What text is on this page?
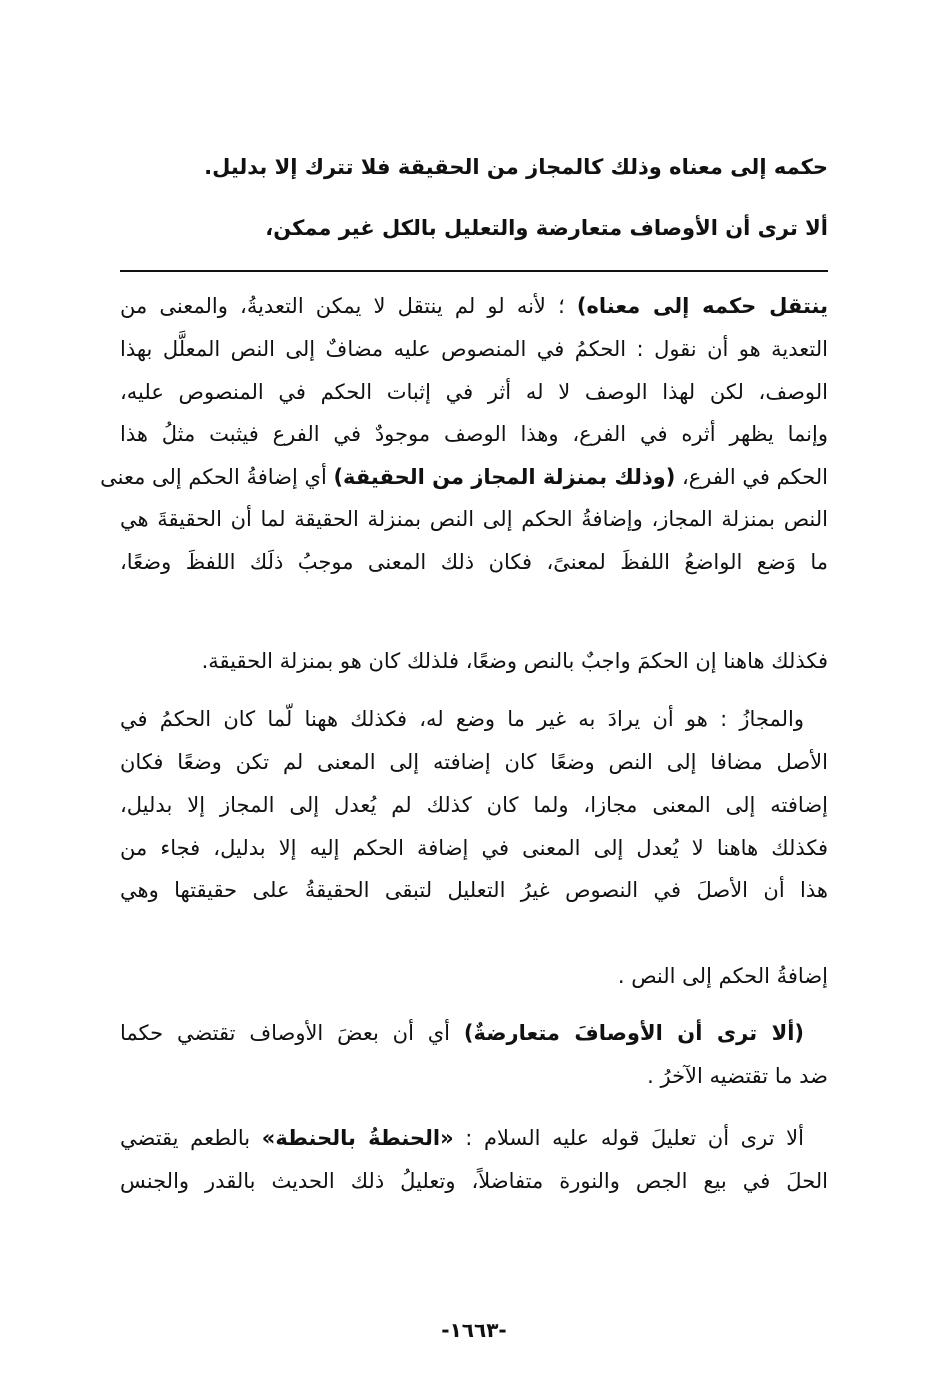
حكمه إلى معناه وذلك كالمجاز من الحقيقة فلا تترك إلا بدليل.
ألا ترى أن الأوصاف متعارضة والتعليل بالكل غير ممكن،
ينتقل حكمه إلى معناه) ؛ لأنه لو لم ينتقل لا يمكن التعديةُ، والمعنى من
التعدية هو أن نقول : الحكمُ في المنصوص عليه مضافٌ إلى النص المعلَّل بهذا
الوصف، لكن لهذا الوصف لا له أثر في إثبات الحكم في المنصوص عليه،
وإنما يظهر أثره في الفرع، وهذا الوصف موجودٌ في الفرع فيثبت مثلُ هذا
الحكم في الفرع، (وذلك بمنزلة المجاز من الحقيقة) أي إضافةُ الحكم إلى معنى
النص بمنزلة المجاز، وإضافةُ الحكم إلى النص بمنزلة الحقيقة لما أن الحقيقةَ هي
ما وَضع الواضعُ اللفظَ لمعنىً، فكان ذلك المعنى موجبُ ذلَك اللفظَ وضعًا،
فكذلك هاهنا إن الحكمَ واجبٌ بالنص وضعًا، فلذلك كان هو بمنزلة الحقيقة.
والمجازُ : هو أن يرادَ به غير ما وضع له، فكذلك ههنا لّما كان الحكمُ في
الأصل مضافا إلى النص وضعًا كان إضافته إلى المعنى لم تكن وضعًا فكان
إضافته إلى المعنى مجازا، ولما كان كذلك لم يُعدل إلى المجاز إلا بدليل،
فكذلك هاهنا لا يُعدل إلى المعنى في إضافة الحكم إليه إلا بدليل، فجاء من
هذا أن الأصلَ في النصوص غيرُ التعليل لتبقى الحقيقةُ على حقيقتها وهي
إضافةُ الحكم إلى النص .
(ألا ترى أن الأوصافَ متعارضةٌ) أي أن بعضَ الأوصاف تقتضي حكما
ضد ما تقتضيه الآخرُ .
ألا ترى أن تعليلَ قوله عليه السلام : «الحنطةُ بالحنطة» بالطعم يقتضي
الحلَ في بيع الجص والنورة متفاضلاً، وتعليلُ ذلك الحديث بالقدر والجنس
-١٦٦٣-
